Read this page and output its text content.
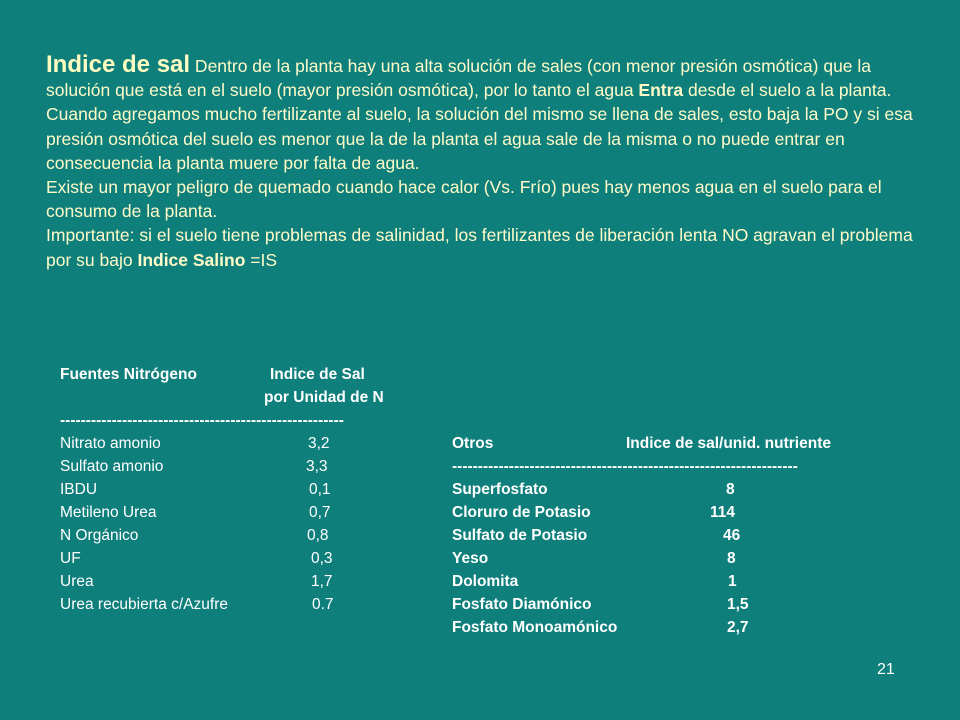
Indice de sal Dentro de la planta hay una alta solución de sales (con menor presión osmótica) que la solución que está en el suelo (mayor presión osmótica), por lo tanto el agua Entra desde el suelo a la planta.

Cuando agregamos mucho fertilizante al suelo, la solución del mismo se llena de sales, esto baja la PO y si esa presión osmótica del suelo es menor que la de la planta el agua sale de la misma o no puede entrar en consecuencia la planta muere por falta de agua.

Existe un mayor peligro de quemado cuando hace calor (Vs. Frío) pues hay menos agua en el suelo para el consumo de la planta.

Importante: si el suelo tiene problemas de salinidad, los fertilizantes de liberación lenta NO agravan el problema por su bajo Indice Salino =IS

Fuentes Nitrógeno	Indice de Sal
por Unidad de N
-------------------------------------------------------
Nitrato amonio	3,2
Sulfato amonio	3,3
IBDU	0,1
Metileno Urea	0,7
N Orgánico	0,8
UF	0,3
Urea	1,7
Urea recubierta c/Azufre	0.7
Otros	Indice de sal/unid. nutriente
-------------------------------------------------------------------
Superfosfato	8
Cloruro de Potasio	114
Sulfato de Potasio	46
Yeso	8
Dolomita	1
Fosfato Diamónico	1,5
Fosfato Monoamónico	2,7
21
